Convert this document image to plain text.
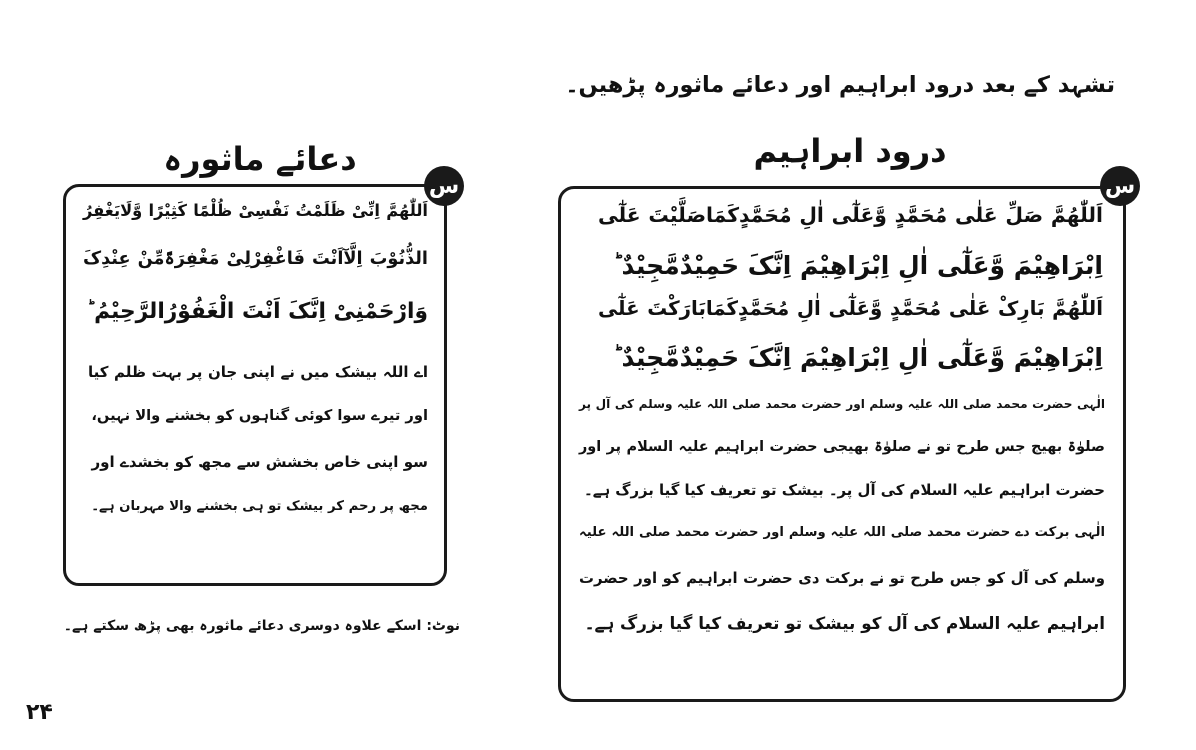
تشہد کے بعد درود ابراہیم اور دعائے ماثورہ پڑھیں۔
درود ابراہیم
دعائے ماثورہ
اَللّٰھُمَّ صَلِّ عَلٰی مُحَمَّدٍ وَّعَلٰٓی اٰلِ مُحَمَّدٍکَمَاصَلَّیْتَ عَلٰٓی
اِبْرَاھِیْمَ وَّعَلٰٓی اٰلِ اِبْرَاھِیْمَ اِنَّکَ حَمِیْدٌمَّجِیْدٌ ؕ
اَللّٰھُمَّ بَارِکْ عَلٰی مُحَمَّدٍ وَّعَلٰٓی اٰلِ مُحَمَّدٍکَمَابَارَکْتَ عَلٰٓی
اِبْرَاھِیْمَ وَّعَلٰٓی اٰلِ اِبْرَاھِیْمَ اِنَّکَ حَمِیْدٌمَّجِیْدٌ ؕ
الٰہی حضرت محمد صلی اللہ علیہ وسلم اور حضرت محمد صلی اللہ علیہ وسلم کی آل پر
صلوٰۃ بھیج جس طرح تو نے صلوٰۃ بھیجی حضرت ابراہیم علیہ السلام پر اور
حضرت ابراہیم علیہ السلام کی آل پر۔ بیشک تو تعریف کیا گیا بزرگ ہے۔
الٰہی برکت دے حضرت محمد صلی اللہ علیہ وسلم اور حضرت محمد صلی اللہ علیہ
وسلم کی آل کو جس طرح تو نے برکت دی حضرت ابراہیم کو اور حضرت
ابراہیم علیہ السلام کی آل کو بیشک تو تعریف کیا گیا بزرگ ہے۔
س
اَللّٰھُمَّ اِنِّیْ ظَلَمْتُ نَفْسِیْ ظُلْمًا کَثِیْرًا وَّلَایَغْفِرُ
الذُّنُوْبَ اِلَّآاَنْتَ فَاغْفِرْلِیْ مَغْفِرَۃًمِّنْ عِنْدِکَ
وَارْحَمْنِیْ اِنَّکَ اَنْتَ الْغَفُوْرُالرَّحِیْمُ ؕ
اے اللہ بیشک میں نے اپنی جان پر بہت ظلم کیا
اور تیرے سوا کوئی گناہوں کو بخشنے والا نہیں،
سو اپنی خاص بخشش سے مجھ کو بخشدے اور
مجھ پر رحم کر بیشک تو ہی بخشنے والا مہربان ہے۔
س
نوٹ: اسکے علاوہ دوسری دعائے ماثورہ بھی پڑھ سکتے ہے۔
۲۴
